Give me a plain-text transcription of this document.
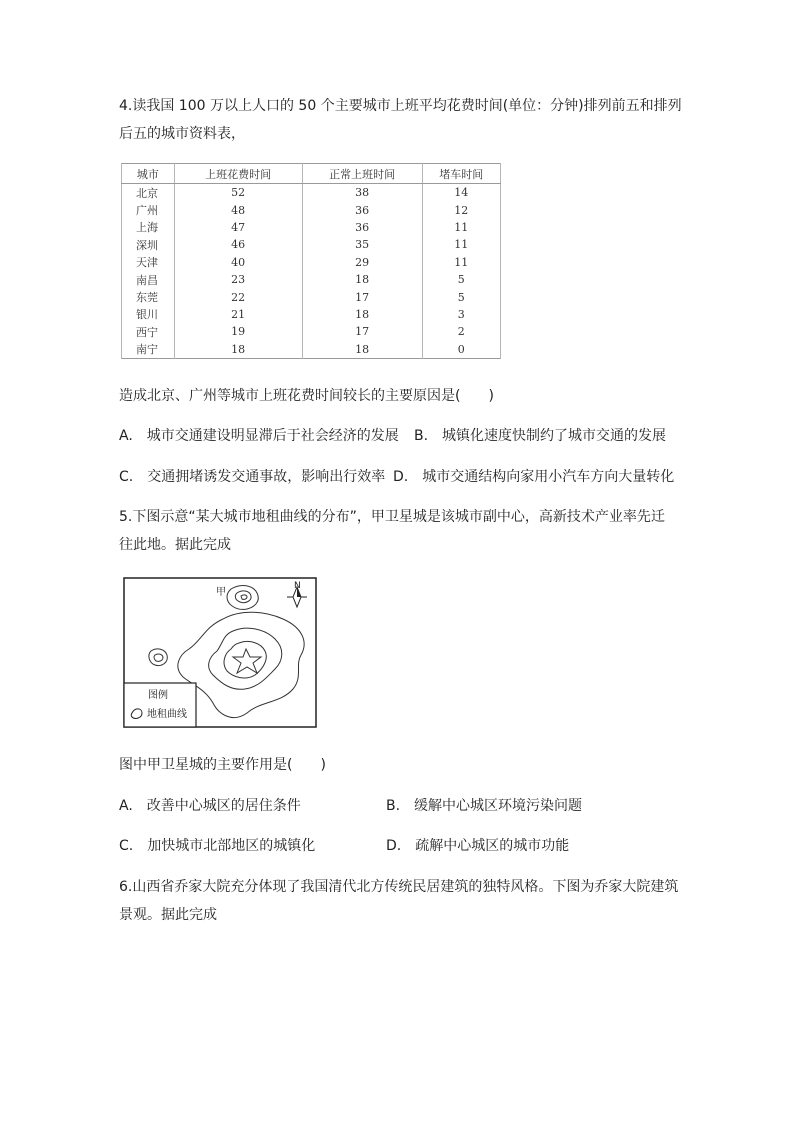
4.读我国 100 万以上人口的 50 个主要城市上班平均花费时间(单位：分钟)排列前五和排列
后五的城市资料表，
城市	上班花费时间	正常上班时间	堵车时间
北京	52	38	14
广州	48	36	12
上海	47	36	11
深圳	46	35	11
天津	40	29	11
南昌	23	18	5
东莞	22	17	5
银川	21	18	3
西宁	19	17	2
南宁	18	18	0
造成北京、广州等城市上班花费时间较长的主要原因是(　　)
A.　城市交通建设明显滞后于社会经济的发展 B.　城镇化速度快制约了城市交通的发展
C.　交通拥堵诱发交通事故，影响出行效率 D.　城市交通结构向家用小汽车方向大量转化
5.下图示意“某大城市地租曲线的分布”，甲卫星城是该城市副中心，高新技术产业率先迁
往此地。据此完成
N
甲
图例
地租曲线
图中甲卫星城的主要作用是(　　)
A.　改善中心城区的居住条件	B.　缓解中心城区环境污染问题
C.　加快城市北部地区的城镇化	D.　疏解中心城区的城市功能
6.山西省乔家大院充分体现了我国清代北方传统民居建筑的独特风格。下图为乔家大院建筑
景观。据此完成
